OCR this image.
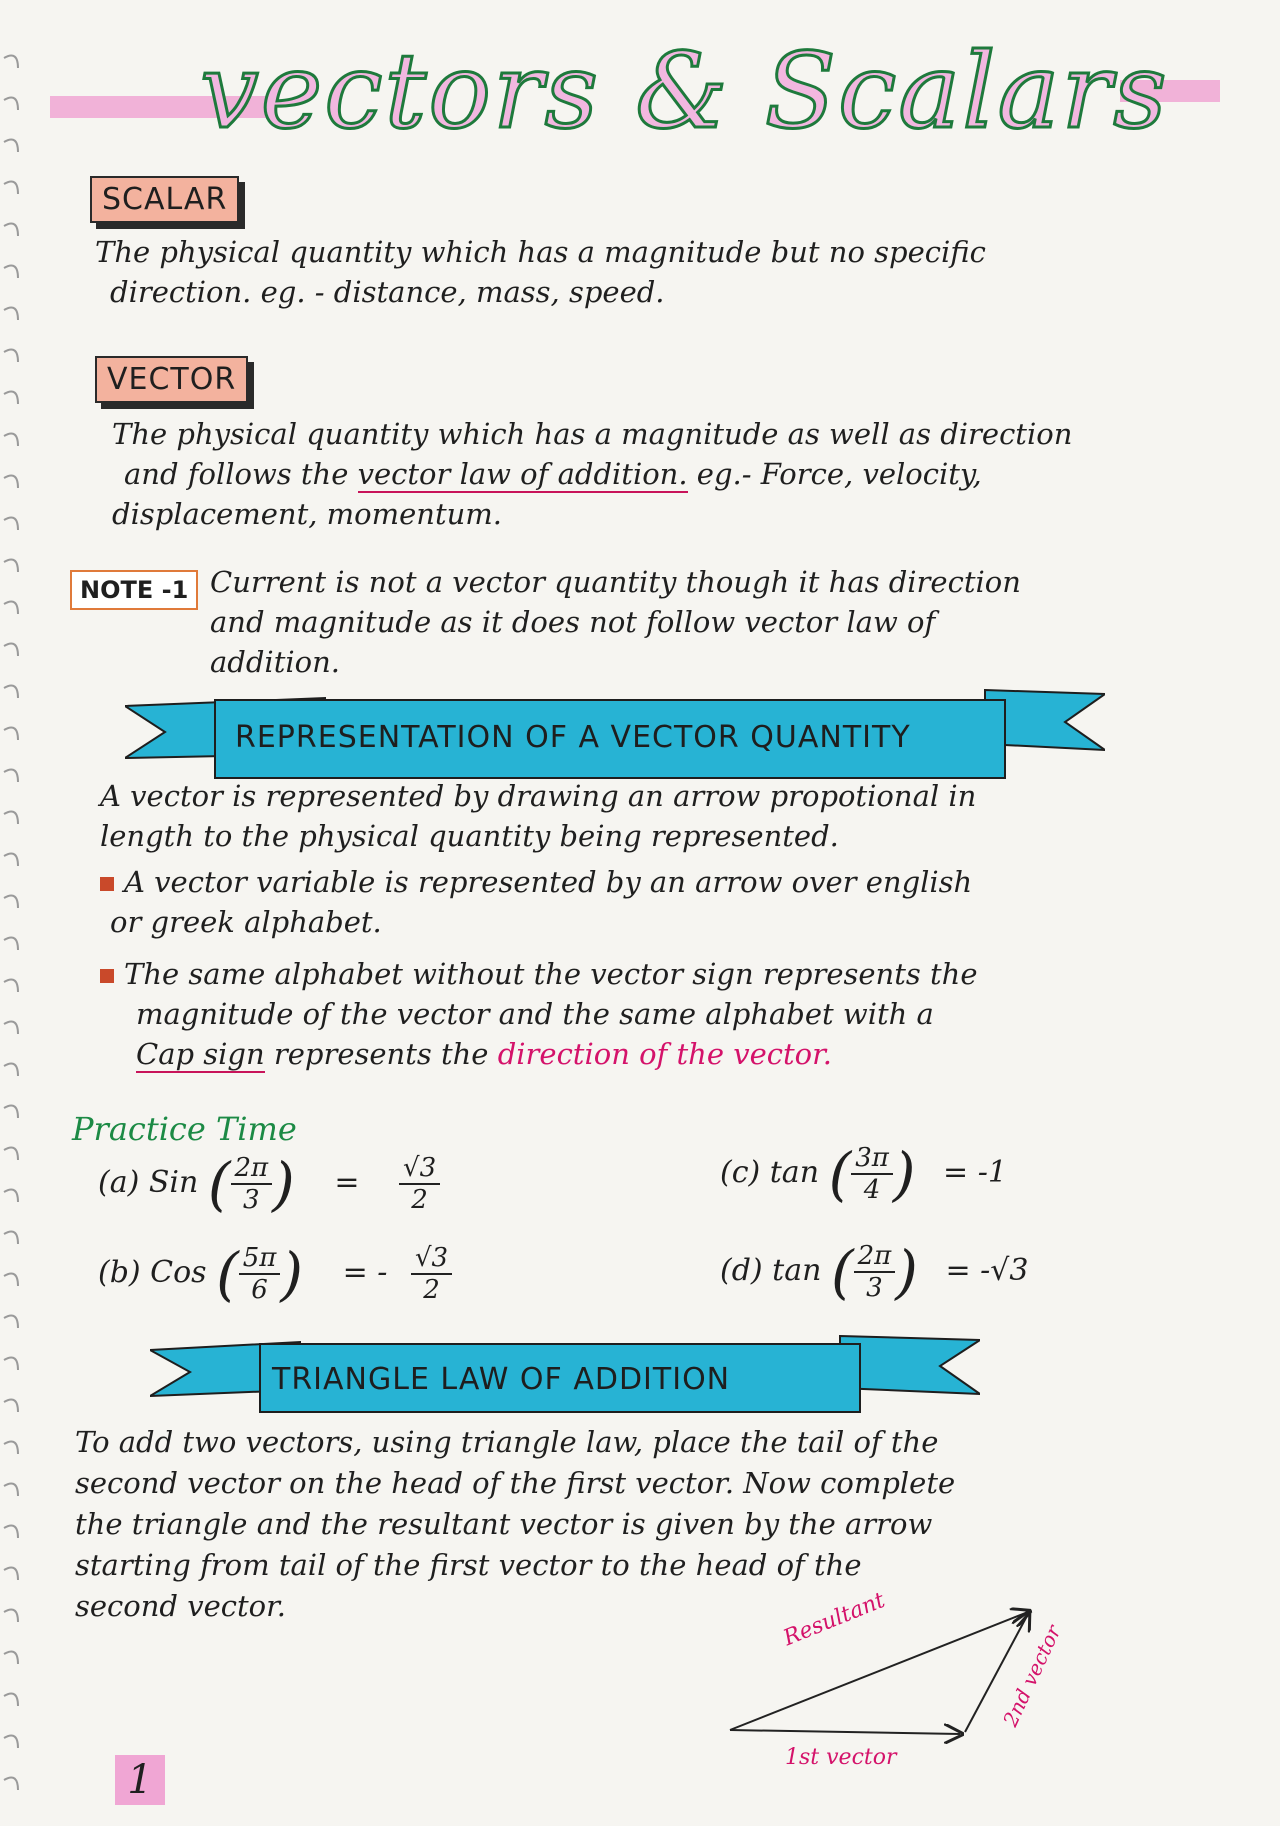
vectors & Scalars
SCALAR
The physical quantity which has a magnitude but no specific
direction. eg. - distance, mass, speed.
VECTOR
The physical quantity which has a magnitude as well as direction
and follows the vector law of addition. eg.- Force, velocity,
displacement, momentum.
NOTE -1 Current is not a vector quantity though it has direction
and magnitude as it does not follow vector law of
addition.
REPRESENTATION OF A VECTOR QUANTITY
A vector is represented by drawing an arrow propotional in
length to the physical quantity being represented.
A vector variable is represented by an arrow over english
or greek alphabet.
The same alphabet without the vector sign represents the
magnitude of the vector and the same alphabet with a
Cap sign represents the direction of the vector.
Practice Time
(a) Sin ( $\frac{2\pi}{3}$ ) = $\frac{√3}{2}$
(b) Cos ( $\frac{5\pi}{6}$ ) = - $\frac{√3}{2}$
(c) tan ( $\frac{3\pi}{4}$ ) = -1
(d) tan ( $\frac{2\pi}{3}$ ) = -√3
TRIANGLE LAW OF ADDITION
To add two vectors, using triangle law, place the tail of the
second vector on the head of the first vector. Now complete
the triangle and the resultant vector is given by the arrow
starting from tail of the first vector to the head of the
second vector.	Resultant
2nd vector
1st vector
1
